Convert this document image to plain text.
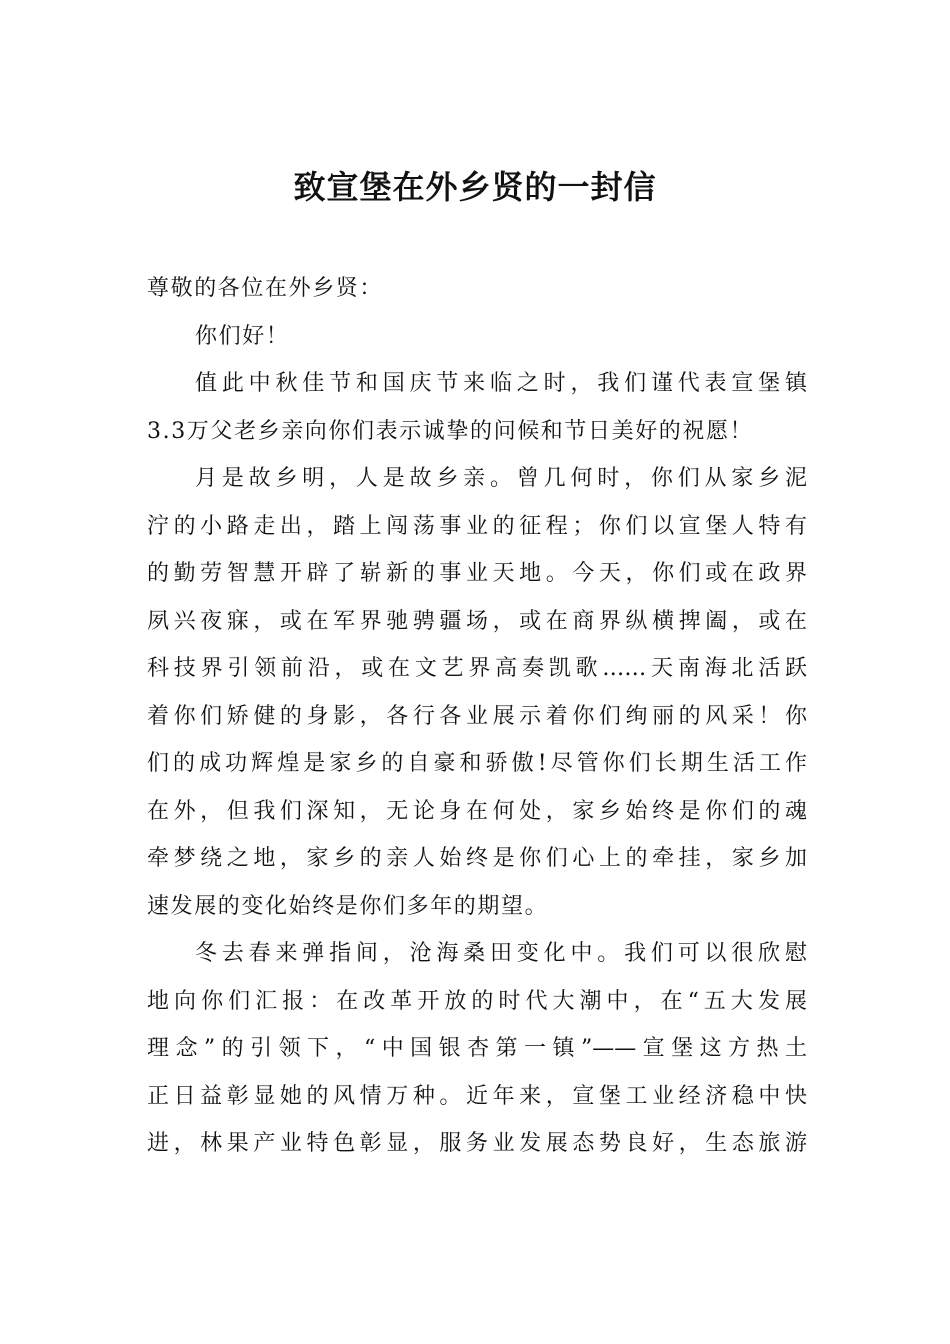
致宣堡在外乡贤的一封信

尊敬的各位在外乡贤：

你们好！

值此中秋佳节和国庆节来临之时，我们谨代表宣堡镇

3.3万父老乡亲向你们表示诚挚的问候和节日美好的祝愿！

月是故乡明，人是故乡亲。曾几何时，你们从家乡泥

泞的小路走出，踏上闯荡事业的征程；你们以宣堡人特有

的勤劳智慧开辟了崭新的事业天地。今天，你们或在政界

夙兴夜寐，或在军界驰骋疆场，或在商界纵横捭阖，或在

科技界引领前沿，或在文艺界高奏凯歌……天南海北活跃

着你们矫健的身影，各行各业展示着你们绚丽的风采！你

们的成功辉煌是家乡的自豪和骄傲!尽管你们长期生活工作

在外，但我们深知，无论身在何处，家乡始终是你们的魂

牵梦绕之地，家乡的亲人始终是你们心上的牵挂，家乡加

速发展的变化始终是你们多年的期望。

冬去春来弹指间，沧海桑田变化中。我们可以很欣慰

地向你们汇报：在改革开放的时代大潮中，在“五大发展

理念”的引领下，“中国银杏第一镇”——宣堡这方热土

正日益彰显她的风情万种。近年来，宣堡工业经济稳中快

进，林果产业特色彰显，服务业发展态势良好，生态旅游
